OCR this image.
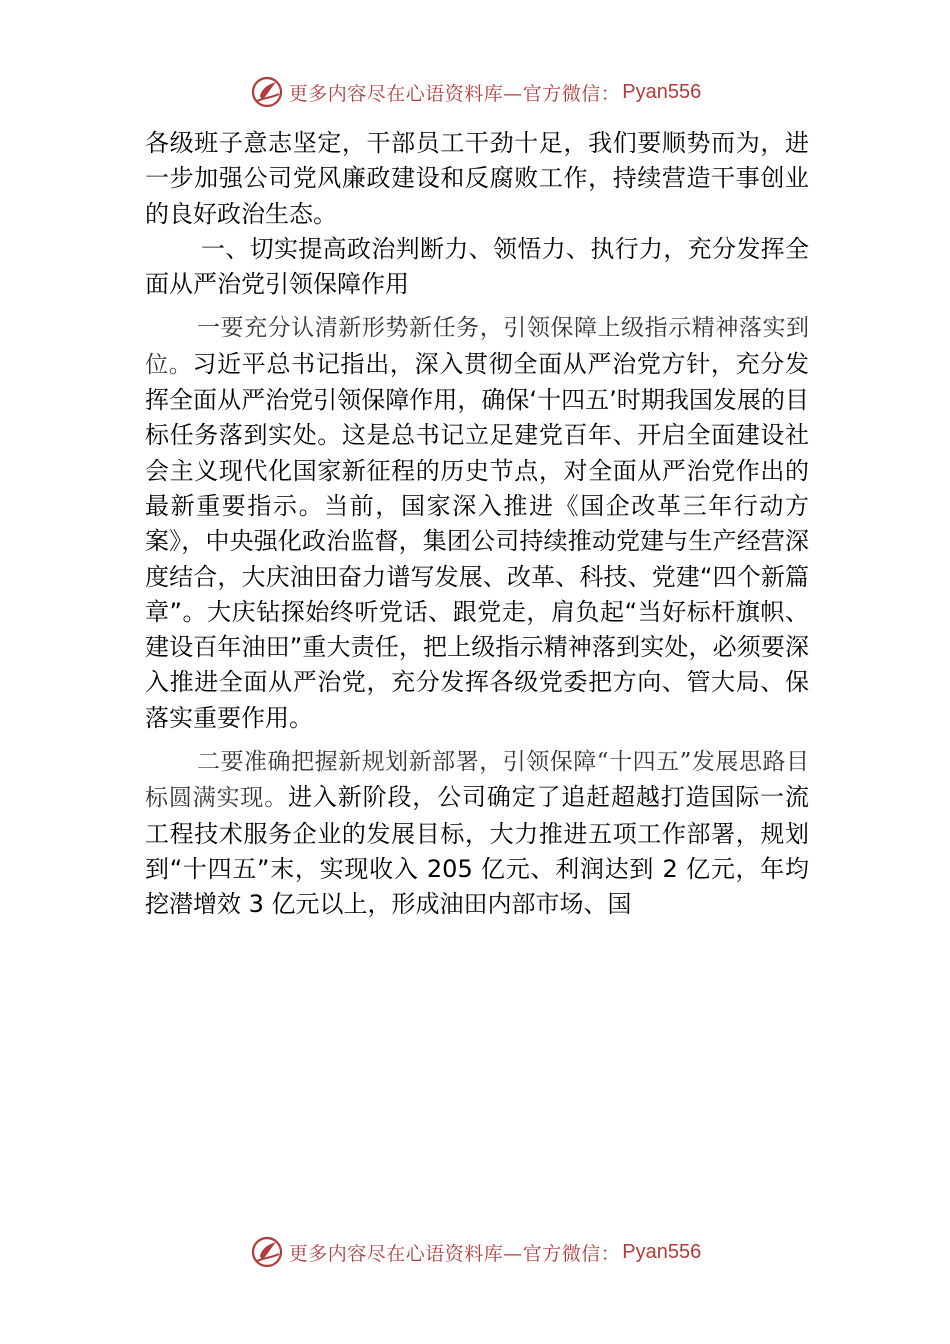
更多内容尽在心语资料库—官方微信： Pyan556

各级班子意志坚定，干部员工干劲十足，我们要顺势而为，进一步加强公司党风廉政建设和反腐败工作，持续营造干事创业的良好政治生态。

一、切实提高政治判断力、领悟力、执行力，充分发挥全面从严治党引领保障作用

一要充分认清新形势新任务，引领保障上级指示精神落实到位。习近平总书记指出，深入贯彻全面从严治党方针，充分发挥全面从严治党引领保障作用，确保‘十四五’时期我国发展的目标任务落到实处。这是总书记立足建党百年、开启全面建设社会主义现代化国家新征程的历史节点，对全面从严治党作出的最新重要指示。当前，国家深入推进《国企改革三年行动方案》，中央强化政治监督，集团公司持续推动党建与生产经营深度结合，大庆油田奋力谱写发展、改革、科技、党建“四个新篇章”。大庆钻探始终听党话、跟党走，肩负起“当好标杆旗帜、建设百年油田”重大责任，把上级指示精神落到实处，必须要深入推进全面从严治党，充分发挥各级党委把方向、管大局、保落实重要作用。

二要准确把握新规划新部署，引领保障“十四五”发展思路目标圆满实现。进入新阶段，公司确定了追赶超越打造国际一流工程技术服务企业的发展目标，大力推进五项工作部署，规划到“十四五”末，实现收入 205 亿元、利润达到 2 亿元，年均挖潜增效 3 亿元以上，形成油田内部市场、国

更多内容尽在心语资料库—官方微信： Pyan556
